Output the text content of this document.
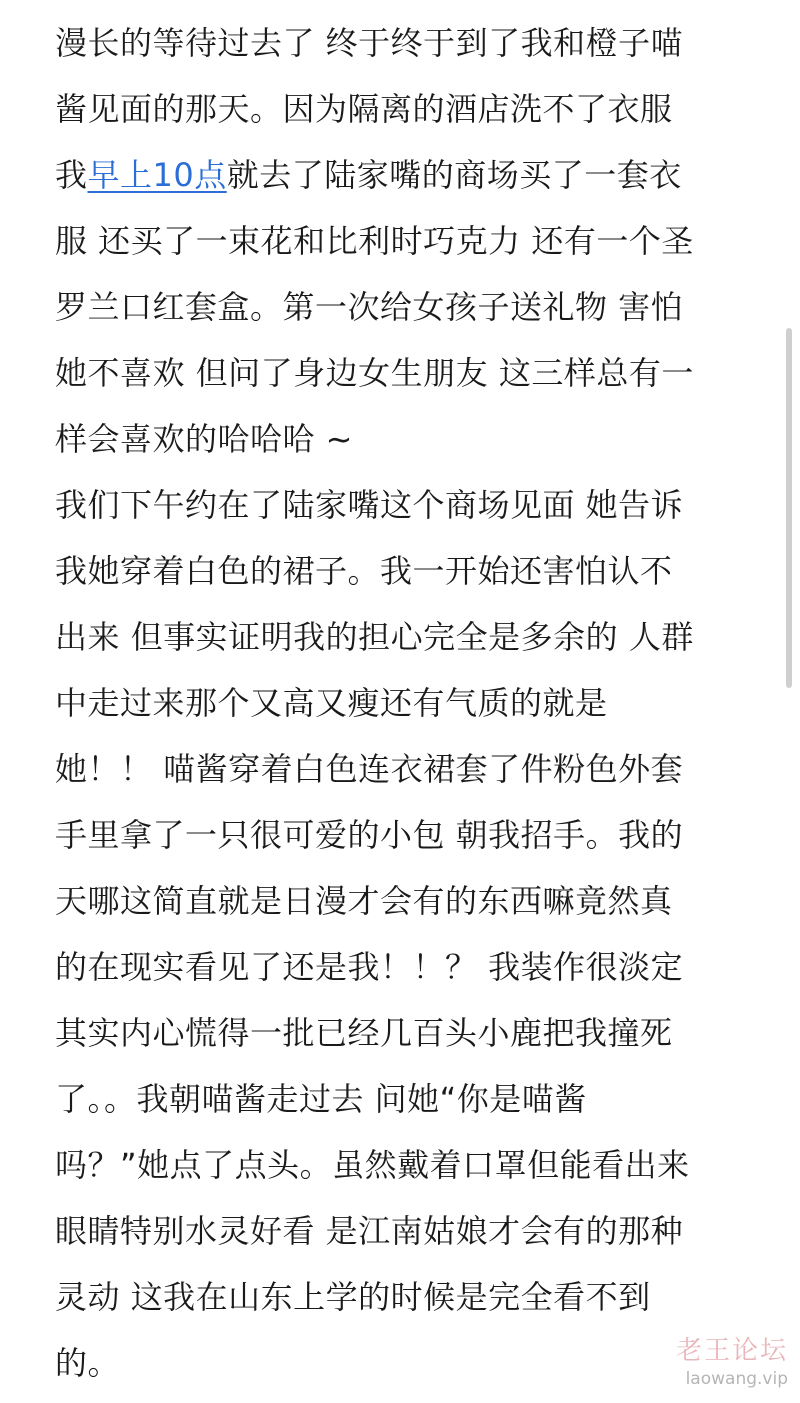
漫长的等待过去了 终于终于到了我和橙子喵
酱见面的那天。因为隔离的酒店洗不了衣服
我早上10点就去了陆家嘴的商场买了一套衣
服 还买了一束花和比利时巧克力 还有一个圣
罗兰口红套盒。第一次给女孩子送礼物 害怕
她不喜欢 但问了身边女生朋友 这三样总有一
样会喜欢的哈哈哈 ~
我们下午约在了陆家嘴这个商场见面 她告诉
我她穿着白色的裙子。我一开始还害怕认不
出来 但事实证明我的担心完全是多余的 人群
中走过来那个又高又瘦还有气质的就是
她！！ 喵酱穿着白色连衣裙套了件粉色外套
手里拿了一只很可爱的小包 朝我招手。我的
天哪这简直就是日漫才会有的东西嘛竟然真
的在现实看见了还是我！！？ 我装作很淡定
其实内心慌得一批已经几百头小鹿把我撞死
了。。我朝喵酱走过去 问她“你是喵酱
吗？”她点了点头。虽然戴着口罩但能看出来
眼睛特别水灵好看 是江南姑娘才会有的那种
灵动 这我在山东上学的时候是完全看不到
的。	老王论坛
laowang.vip
